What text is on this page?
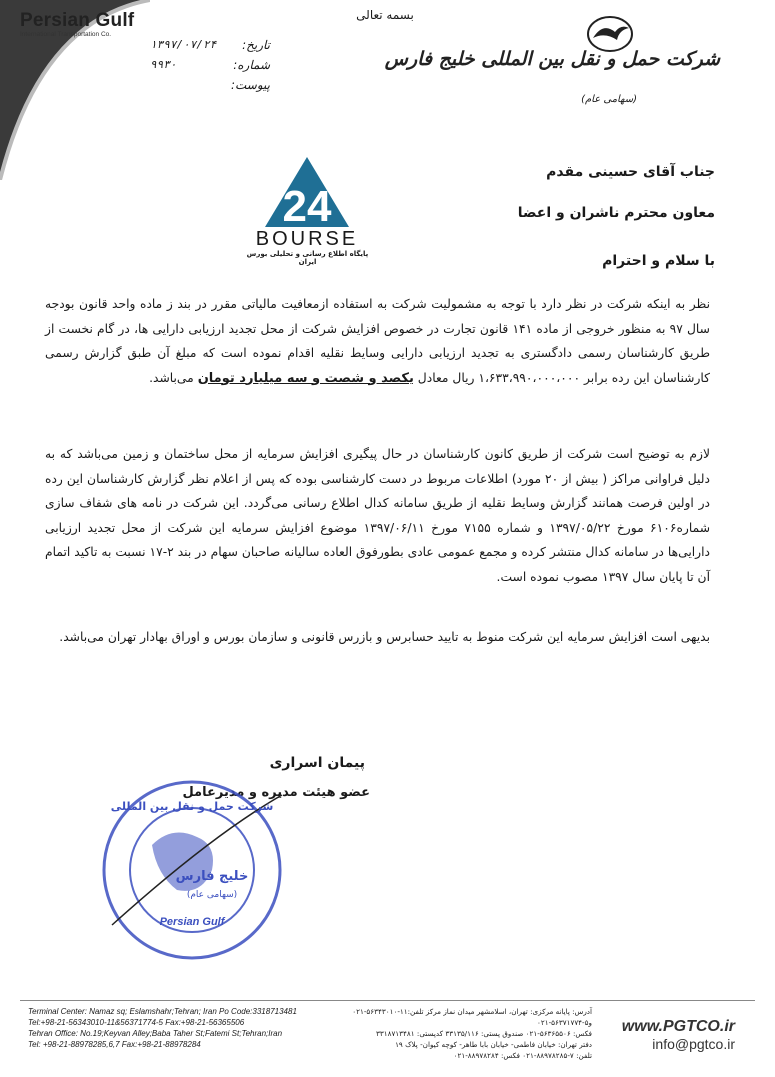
Persian Gulf
International Transportation Co.
بسمه تعالی
تاریخ:
۱۳۹۷/۰۷/۲۴
شماره:
۹۹۳۰
پیوست:
شرکت حمل و نقل بین المللی خلیج فارس
(سهامی عام)
24
BOURSE
پایگاه اطلاع رسانی و تحلیلی بورس ایران
جناب آقای حسینی مقدم
معاون محترم ناشران و اعضا
با سلام و احترام
نظر به اینکه شرکت در نظر دارد با توجه به مشمولیت شرکت به استفاده ازمعافیت مالیاتی مقرر در بند ز ماده واحد قانون بودجه سال ۹۷ به منظور خروجی از ماده ۱۴۱ قانون تجارت در خصوص افزایش شرکت از محل تجدید ارزیابی دارایی ها، در گام نخست از طریق کارشناسان رسمی دادگستری به تجدید ارزیابی دارایی وسایط نقلیه اقدام نموده است که مبلغ آن طبق گزارش رسمی کارشناسان این رده برابر ۱،۶۳۳،۹۹۰،۰۰۰،۰۰۰ ریال معادل یکصد و شصت و سه میلیارد تومان می‌باشد.
لازم به توضیح است شرکت از طریق کانون کارشناسان در حال پیگیری افزایش سرمایه از محل ساختمان و زمین می‌باشد که به دلیل فراوانی مراکز ( بیش از ۲۰ مورد) اطلاعات مربوط در دست کارشناسی بوده که پس از اعلام نظر گزارش کارشناسان این رده در اولین فرصت همانند گزارش وسایط نقلیه از طریق سامانه کدال اطلاع رسانی می‌گردد. این شرکت در نامه های شفاف سازی شماره۶۱۰۶ مورخ ۱۳۹۷/۰۵/۲۲ و شماره ۷۱۵۵ مورخ ۱۳۹۷/۰۶/۱۱ موضوع افزایش سرمایه این شرکت از محل تجدید ارزیابی دارایی‌ها در سامانه کدال منتشر کرده و مجمع عمومی عادی بطورفوق العاده سالیانه صاحبان سهام در بند ۲-۱۷ نسبت به تاکید اتمام آن تا پایان سال ۱۳۹۷ مصوب نموده است.
بدیهی است افزایش سرمایه این شرکت منوط به تایید حسابرس و بازرس قانونی و سازمان بورس و اوراق بهادار تهران می‌باشد.
پیمان اسراری
عضو هیئت مدیره و مدیرعامل
شرکت حمل و نقل بین المللی
خلیج فارس
(سهامی عام)
Persian Gulf
Terminal Center: Namaz sq; Eslamshahr;Tehran; Iran Po Code:3318713481
Tel:+98-21-56343010-11&56371774-5 Fax:+98-21-56365506
Tehran Office: No.19;Keyvan Alley;Baba Taher St;Fatemi St;Tehran;Iran
Tel: +98-21-88978285,6,7 Fax:+98-21-88978284
آدرس: پایانه مرکزی: تهران، اسلامشهر میدان نماز مرکز تلفن:۱۱-۵۶۳۴۳۰۱۰-۰۲۱ و۵-۵۶۳۷۱۷۷۴-۰۲۱
فکس: ۵۶۳۶۵۵۰۶-۰۲۱ صندوق پستی: ۳۳۱۳۵/۱۱۶ کدپستی: ۳۳۱۸۷۱۳۴۸۱
دفتر تهران: خیابان فاطمی- خیابان بابا طاهر- کوچه کیوان- پلاک ۱۹
تلفن: ۷-۸۸۹۷۸۲۸۵-۰۲۱ فکس: ۸۸۹۷۸۲۸۴-۰۲۱
www.PGTCO.ir
info@pgtco.ir
